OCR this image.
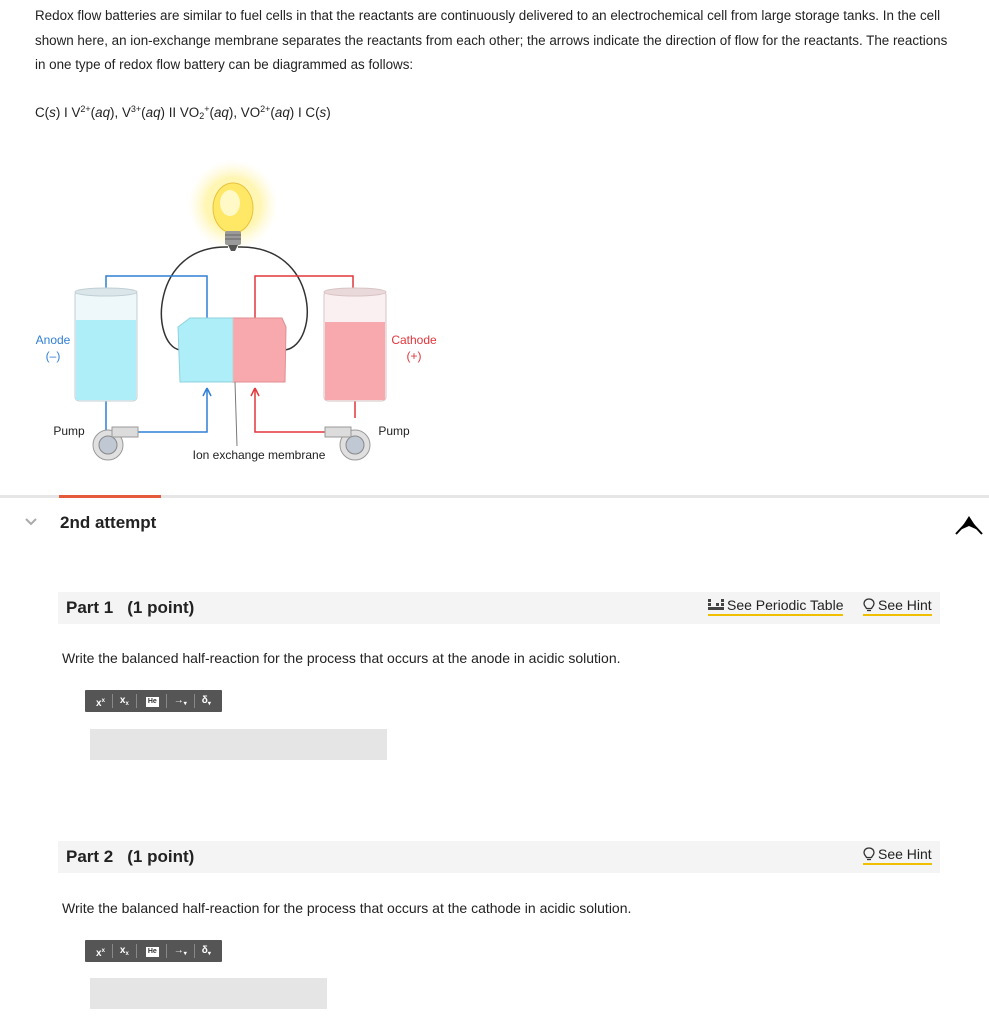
Redox flow batteries are similar to fuel cells in that the reactants are continuously delivered to an electrochemical cell from large storage tanks. In the cell shown here, an ion-exchange membrane separates the reactants from each other; the arrows indicate the direction of flow for the reactants. The reactions in one type of redox flow battery can be diagrammed as follows:
C(s) I $V^{2+}(aq)$, $V^{3+}(aq)$ II $VO_2^+(aq)$, $VO^{2+}(aq)$ I C(s)
Anode
(–)
Cathode
(+)
Pump	Pump
Ion exchange membrane
2nd attempt
Part 1 (1 point)	See Periodic Table See Hint
Write the balanced half-reaction for the process that occurs at the anode in acidic solution.
$x^x$	$x_x$	He	$\to_▾$	$\delta_▾$
Part 2 (1 point)	See Hint
Write the balanced half-reaction for the process that occurs at the cathode in acidic solution.
$x^x$	$x_x$	He	$\to_▾$	$\delta_▾$
